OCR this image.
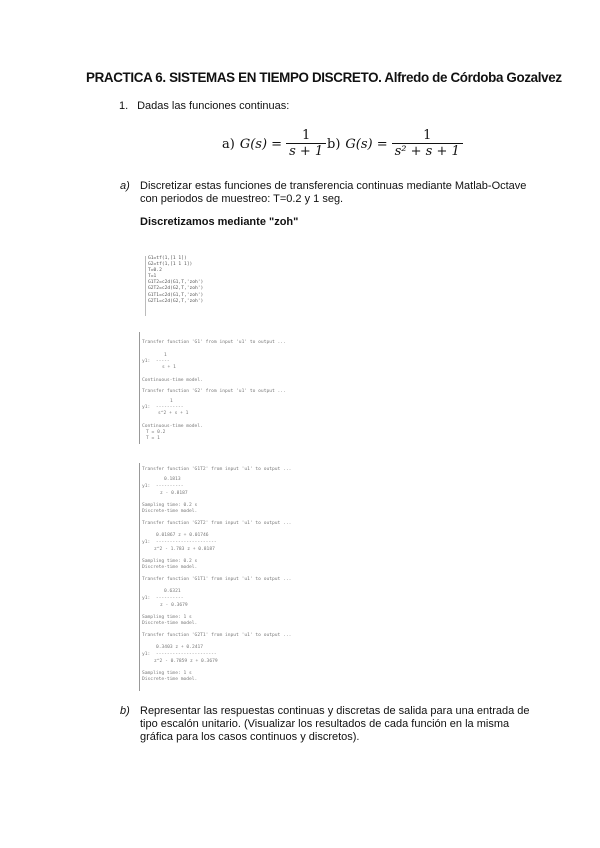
PRACTICA 6. SISTEMAS EN TIEMPO DISCRETO. Alfredo de Córdoba Gozalvez
1. Dadas las funciones continuas:
a) $G(s) = \frac{1}{s + 1} b$) $G(s) = \frac{1}{\text{s² + s + 1}}$
a) Discretizar estas funciones de transferencia continuas mediante Matlab-Octave con periodos de muestreo: T=0.2 y 1 seg.
Discretizamos mediante "zoh"
G1=tf(1,[1 1])
G2=tf(1,[1 1 1])
T=0.2
T=1
G1T2=c2d(G1,T,'zoh')
G2T2=c2d(G2,T,'zoh')
G1T1=c2d(G1,T,'zoh')
G2T1=c2d(G2,T,'zoh')
Transfer function 'G1' from input 'u1' to output ...
1
y1:  -----
s + 1
Continuous-time model.
Transfer function 'G2' from input 'u1' to output ...
1
y1:  ----------
s^2 + s + 1
Continuous-time model.
T = 0.2
T = 1
Transfer function 'G1T2' from input 'u1' to output ...
0.1813
y1:  ----------
z - 0.8187
Sampling time: 0.2 s
Discrete-time model.
Transfer function 'G2T2' from input 'u1' to output ...
0.01867 z + 0.01746
y1:  ----------------------
z^2 - 1.783 z + 0.8187
Sampling time: 0.2 s
Discrete-time model.
Transfer function 'G1T1' from input 'u1' to output ...
0.6321
y1:  ----------
z - 0.3679
Sampling time: 1 s
Discrete-time model.
Transfer function 'G2T1' from input 'u1' to output ...
0.3403 z + 0.2417
y1:  ----------------------
z^2 - 0.7859 z + 0.3679
Sampling time: 1 s
Discrete-time model.
b) Representar las respuestas continuas y discretas de salida para una entrada de tipo escalón unitario. (Visualizar los resultados de cada función en la misma gráfica para los casos continuos y discretos).
